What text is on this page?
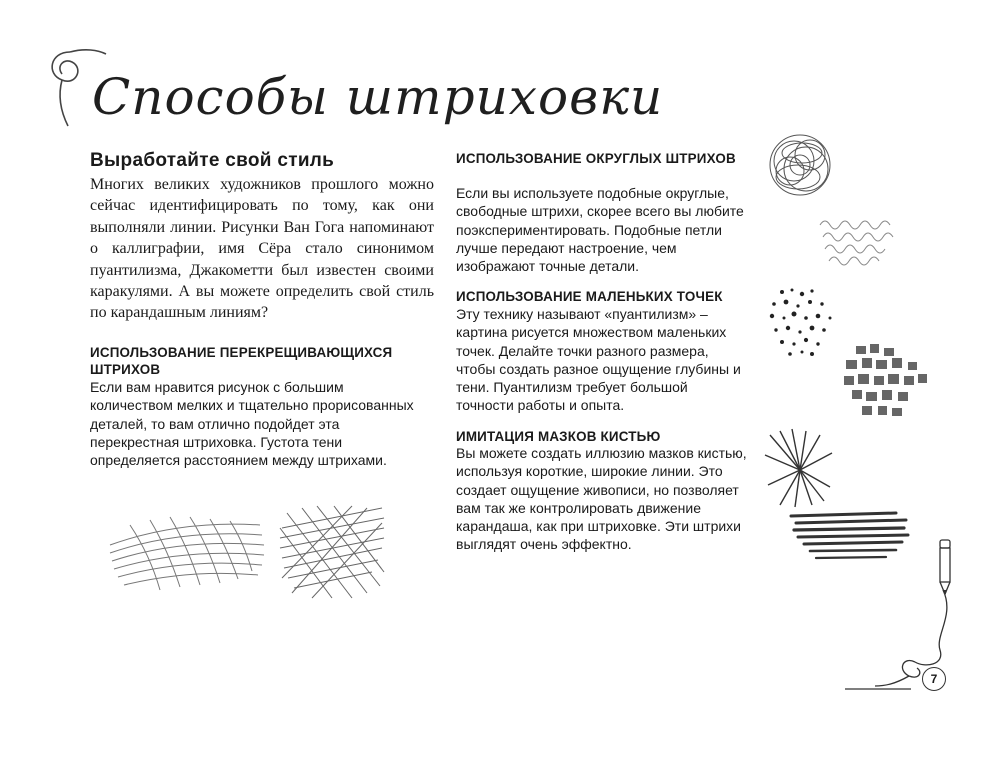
Способы штриховки
Выработайте свой стиль

Многих великих художников прошлого можно сейчас идентифицировать по тому, как они выполняли линии. Рисунки Ван Гога напоминают о каллиграфии, имя Сёра стало синонимом пуантилизма, Джакометти был известен своими каракулями. А вы можете определить свой стиль по карандашным линиям?

ИСПОЛЬЗОВАНИЕ ПЕРЕКРЕЩИВАЮЩИХСЯ ШТРИХОВ

Если вам нравится рисунок с большим количеством мелких и тщательно прорисованных деталей, то вам отлично подойдет эта перекрестная штриховка. Густота тени определяется расстоянием между штрихами.

ИСПОЛЬЗОВАНИЕ ОКРУГЛЫХ ШТРИХОВ

Если вы используете подобные округлые, свободные штрихи, скорее всего вы любите поэкспериментировать. Подобные петли лучше передают настроение, чем изображают точные детали.

ИСПОЛЬЗОВАНИЕ МАЛЕНЬКИХ ТОЧЕК

Эту технику называют «пуантилизм» – картина рисуется множеством маленьких точек. Делайте точки разного размера, чтобы создать разное ощущение глубины и тени. Пуантилизм требует большой точности работы и опыта.

ИМИТАЦИЯ МАЗКОВ КИСТЬЮ

Вы можете создать иллюзию мазков кистью, используя короткие, широкие линии. Это создает ощущение живописи, но позволяет вам так же контролировать движение карандаша, как при штриховке. Эти штрихи выглядят очень эффектно.

7
